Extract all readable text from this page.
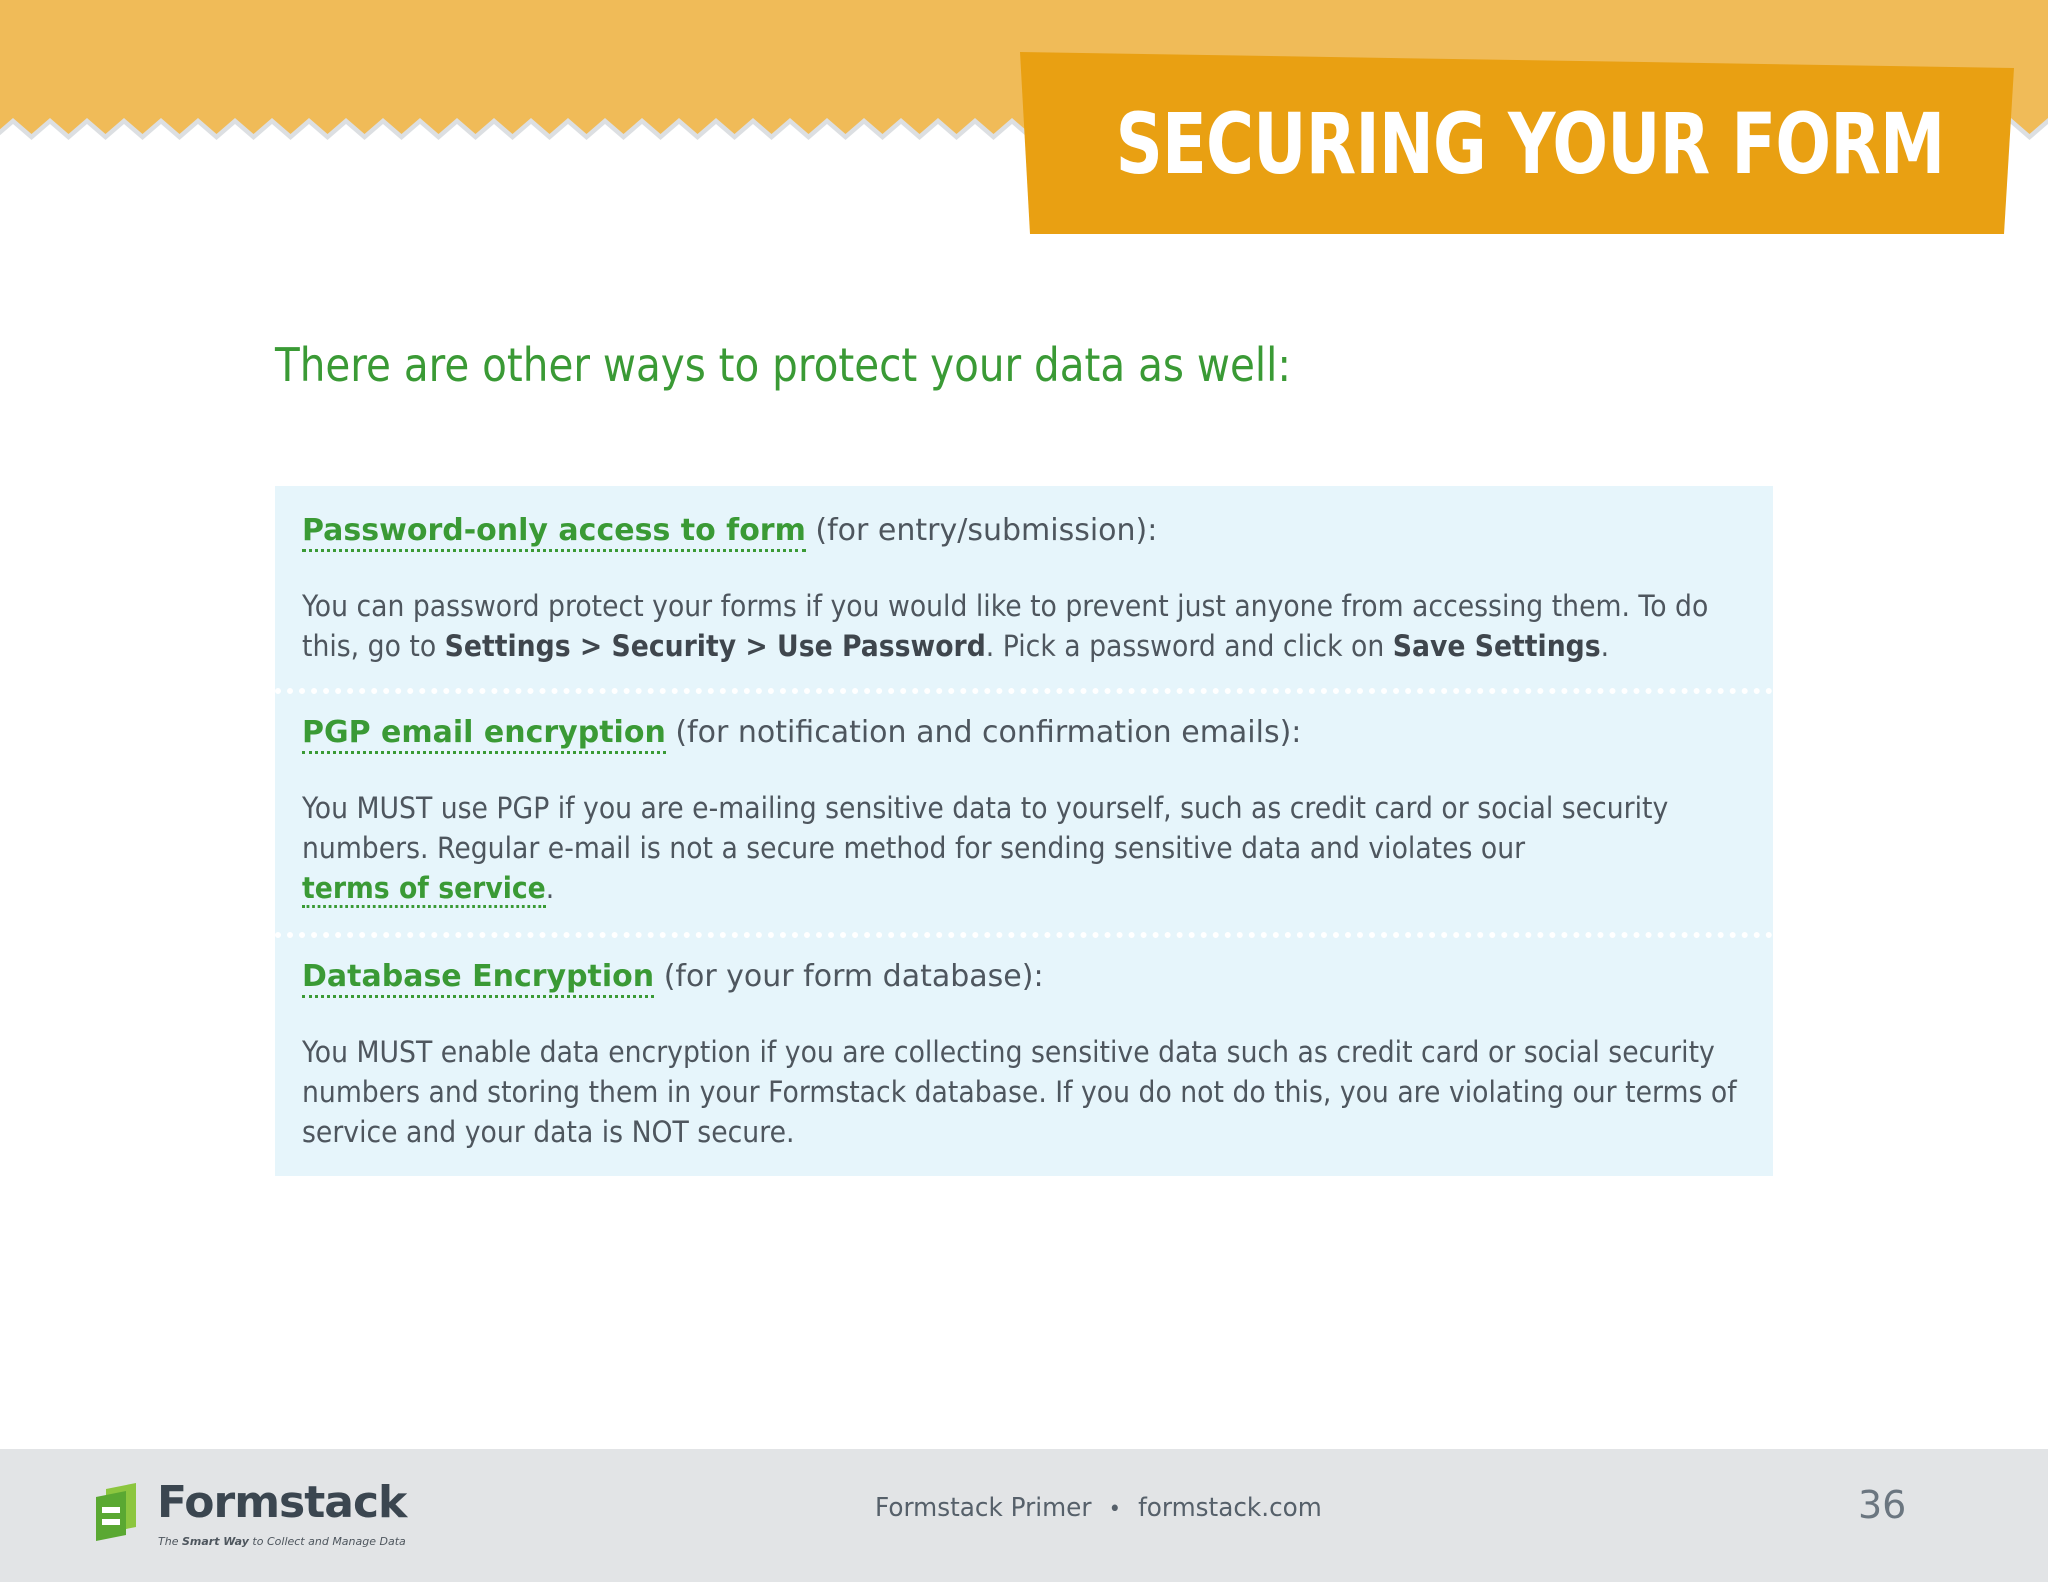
SECURING YOUR FORM
There are other ways to protect your data as well:

Password-only access to form (for entry/submission):

You can password protect your forms if you would like to prevent just anyone from accessing them. To do this, go to Settings > Security > Use Password. Pick a password and click on Save Settings.

PGP email encryption (for notification and confirmation emails):

You MUST use PGP if you are e-mailing sensitive data to yourself, such as credit card or social security numbers. Regular e-mail is not a secure method for sending sensitive data and violates our
terms of service.

Database Encryption (for your form database):

You MUST enable data encryption if you are collecting sensitive data such as credit card or social security numbers and storing them in your Formstack database. If you do not do this, you are violating our terms of service and your data is NOT secure.

Formstack

The Smart Way to Collect and Manage Data

Formstack Primer • formstack.com	36
